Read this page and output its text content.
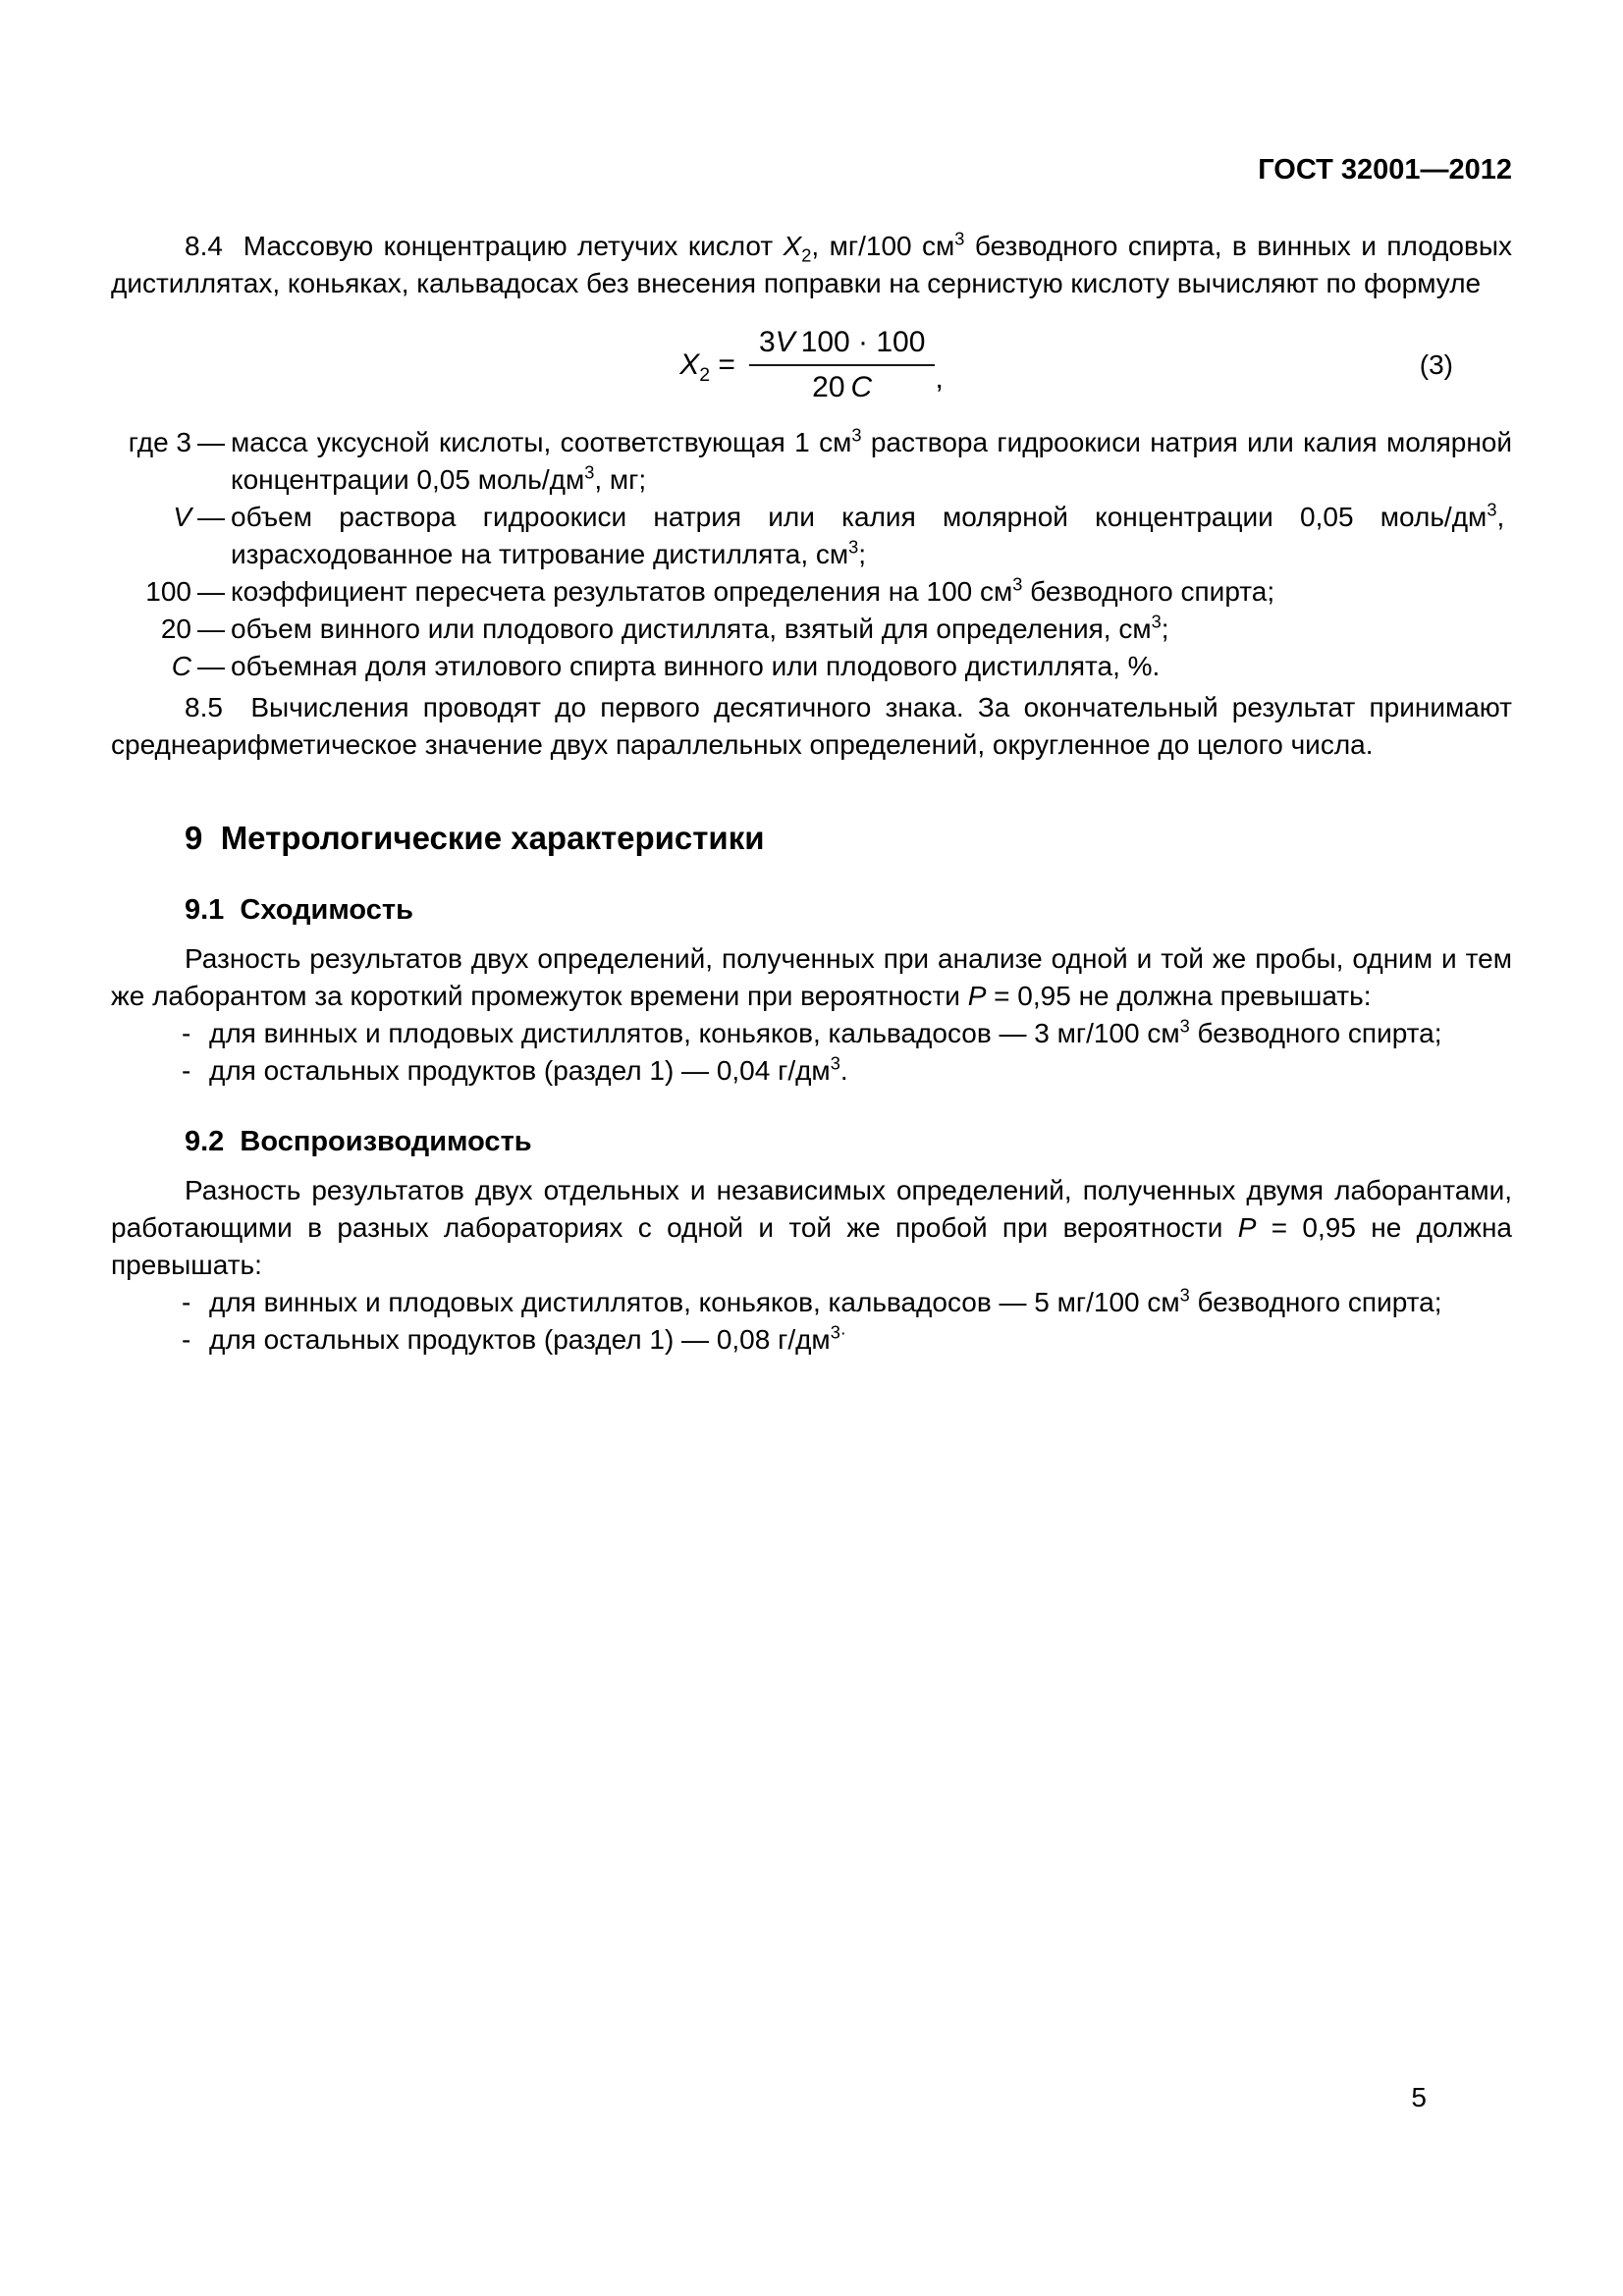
ГОСТ 32001—2012

8.4  Массовую концентрацию летучих кислот $X_2$, мг/100 $см^3$ безводного спирта, в винных и плодовых дистиллятах, коньяках, кальвадосах без внесения поправки на сернистую кислоту вычисляют по формуле

$X_2 = \frac{3V 100 \cdot 100}{20 C}$ ,	(3)
где 3 — масса уксусной кислоты, соответствующая 1 $см^3$ раствора гидроокиси натрия или калия молярной концентрации 0,05 моль/$дм^3$, мг;
V — объем раствора гидроокиси натрия или калия молярной концентрации 0,05 моль/$дм^3$,  израсходованное на титрование дистиллята, $см^3$;
100 — коэффициент пересчета результатов определения на 100 $см^3$ безводного спирта;
20 — объем винного или плодового дистиллята, взятый для определения, $см^3$;
C — объемная доля этилового спирта винного или плодового дистиллята, %.

8.5  Вычисления проводят до первого десятичного знака. За окончательный результат принимают среднеарифметическое значение двух параллельных определений, округленное до целого числа.

9  Метрологические характеристики
9.1  Сходимость

Разность результатов двух определений, полученных при анализе одной и той же пробы, одним и тем же лаборантом за короткий промежуток времени при вероятности P = 0,95 не должна превышать:

- для винных и плодовых дистиллятов, коньяков, кальвадосов — 3 мг/100 $см^3$ безводного спирта;
- для остальных продуктов (раздел 1) — 0,04 $г/дм^3$.
9.2  Воспроизводимость

Разность результатов двух отдельных и независимых определений, полученных двумя лаборантами, работающими в разных лабораториях с одной и той же пробой при вероятности P = 0,95 не должна превышать:

- для винных и плодовых дистиллятов, коньяков, кальвадосов — 5 мг/100 $см^3$ безводного спирта;
- для остальных продуктов (раздел 1) — 0,08 $г/дм^{3\cdot}$
5
